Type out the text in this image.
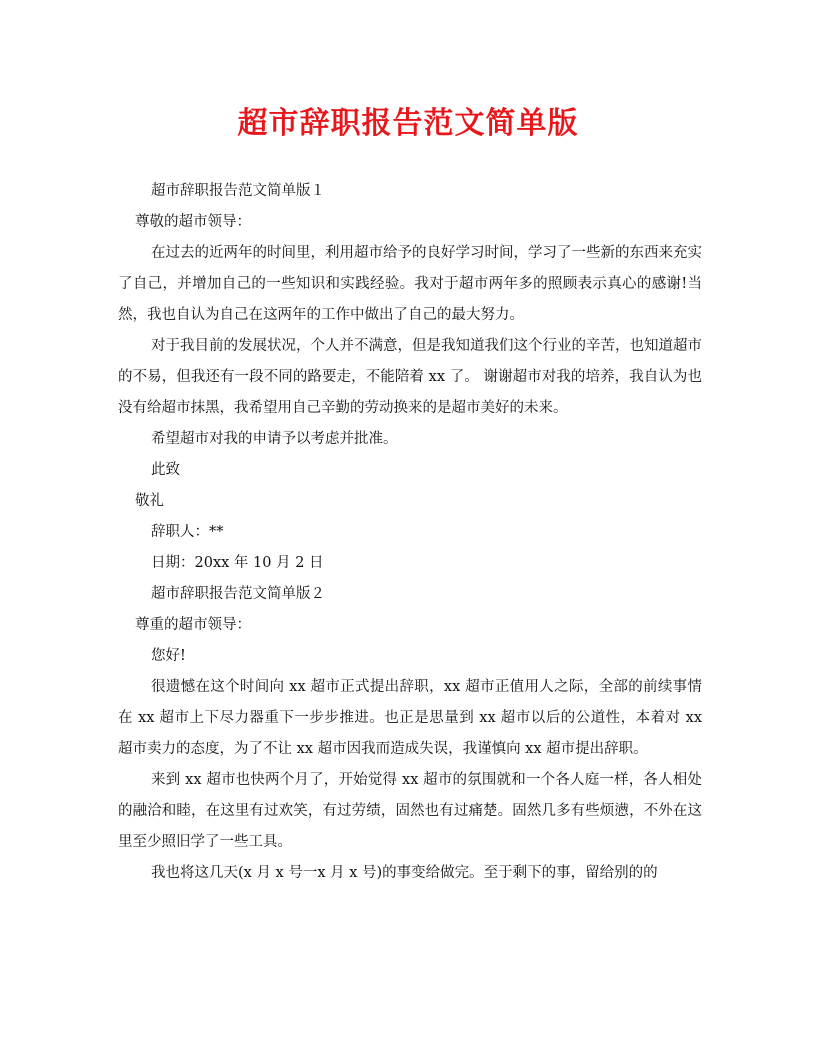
超市辞职报告范文简单版

超市辞职报告范文简单版１

尊敬的超市领导：

在过去的近两年的时间里，利用超市给予的良好学习时间，学习了一些新的东西来充实了自己，并增加自己的一些知识和实践经验。我对于超市两年多的照顾表示真心的感谢!当然，我也自认为自己在这两年的工作中做出了自己的最大努力。

对于我目前的发展状况，个人并不满意，但是我知道我们这个行业的辛苦，也知道超市的不易，但我还有一段不同的路要走，不能陪着 xx 了。 谢谢超市对我的培养，我自认为也没有给超市抹黑，我希望用自己辛勤的劳动换来的是超市美好的未来。

希望超市对我的申请予以考虑并批准。

此致

敬礼

辞职人：**

日期：20xx 年 10 月 2 日

超市辞职报告范文简单版２

尊重的超市领导：

您好!

很遗憾在这个时间向 xx 超市正式提出辞职，xx 超市正值用人之际，全部的前续事情在 xx 超市上下尽力器重下一步步推进。也正是思量到 xx 超市以后的公道性，本着对 xx 超市卖力的态度，为了不让 xx 超市因我而造成失误，我谨慎向 xx 超市提出辞职。

来到 xx 超市也快两个月了，开始觉得 xx 超市的氛围就和一个各人庭一样，各人相处的融洽和睦，在这里有过欢笑，有过劳绩，固然也有过痛楚。固然几多有些烦懑，不外在这里至少照旧学了一些工具。

我也将这几天(x 月 x 号一x 月 x 号)的事变给做完。至于剩下的事，留给别的的
